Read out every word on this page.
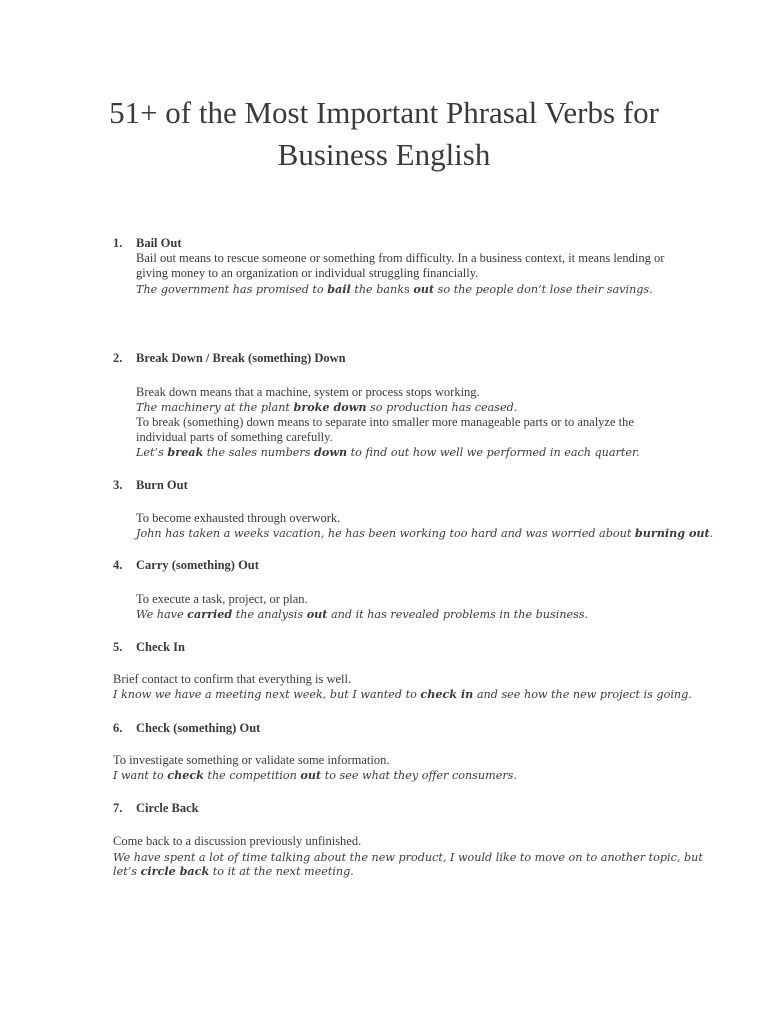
51+ of the Most Important Phrasal Verbs for
Business English
1. Bail Out
Bail out means to rescue someone or something from difficulty. In a business context, it means lending or
giving money to an organization or individual struggling financially.
The government has promised to bail the banks out so the people don’t lose their savings.
2. Break Down / Break (something) Down
Break down means that a machine, system or process stops working.
The machinery at the plant broke down so production has ceased.
To break (something) down means to separate into smaller more manageable parts or to analyze the
individual parts of something carefully.
Let’s break the sales numbers down to find out how well we performed in each quarter.
3. Burn Out
To become exhausted through overwork.
John has taken a weeks vacation, he has been working too hard and was worried about burning out.
4. Carry (something) Out
To execute a task, project, or plan.
We have carried the analysis out and it has revealed problems in the business.
5. Check In
Brief contact to confirm that everything is well.
I know we have a meeting next week, but I wanted to check in and see how the new project is going.
6. Check (something) Out
To investigate something or validate some information.
I want to check the competition out to see what they offer consumers.
7. Circle Back
Come back to a discussion previously unfinished.
We have spent a lot of time talking about the new product, I would like to move on to another topic, but
let’s circle back to it at the next meeting.
